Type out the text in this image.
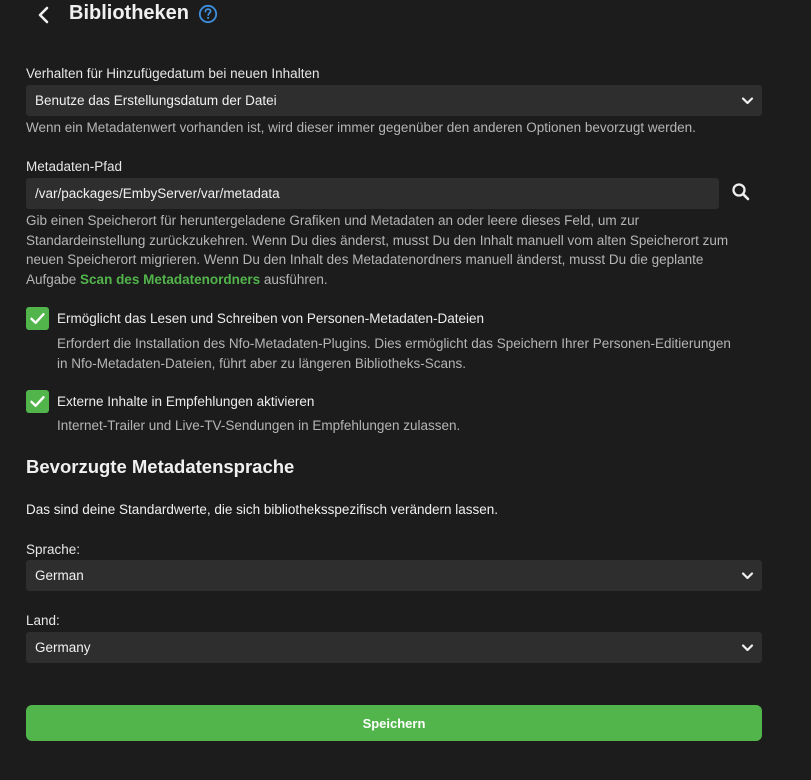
Bibliotheken
Verhalten für Hinzufügedatum bei neuen Inhalten
Benutze das Erstellungsdatum der Datei
Wenn ein Metadatenwert vorhanden ist, wird dieser immer gegenüber den anderen Optionen bevorzugt werden.
Metadaten-Pfad
/var/packages/EmbyServer/var/metadata
Gib einen Speicherort für heruntergeladene Grafiken und Metadaten an oder leere dieses Feld, um zur
Standardeinstellung zurückzukehren. Wenn Du dies änderst, musst Du den Inhalt manuell vom alten Speicherort zum
neuen Speicherort migrieren. Wenn Du den Inhalt des Metadatenordners manuell änderst, musst Du die geplante
Aufgabe Scan des Metadatenordners ausführen.
Ermöglicht das Lesen und Schreiben von Personen-Metadaten-Dateien
Erfordert die Installation des Nfo-Metadaten-Plugins. Dies ermöglicht das Speichern Ihrer Personen-Editierungen
in Nfo-Metadaten-Dateien, führt aber zu längeren Bibliotheks-Scans.
Externe Inhalte in Empfehlungen aktivieren
Internet-Trailer und Live-TV-Sendungen in Empfehlungen zulassen.
Bevorzugte Metadatensprache
Das sind deine Standardwerte, die sich bibliotheksspezifisch verändern lassen.
Sprache:
German
Land:
Germany
Speichern
